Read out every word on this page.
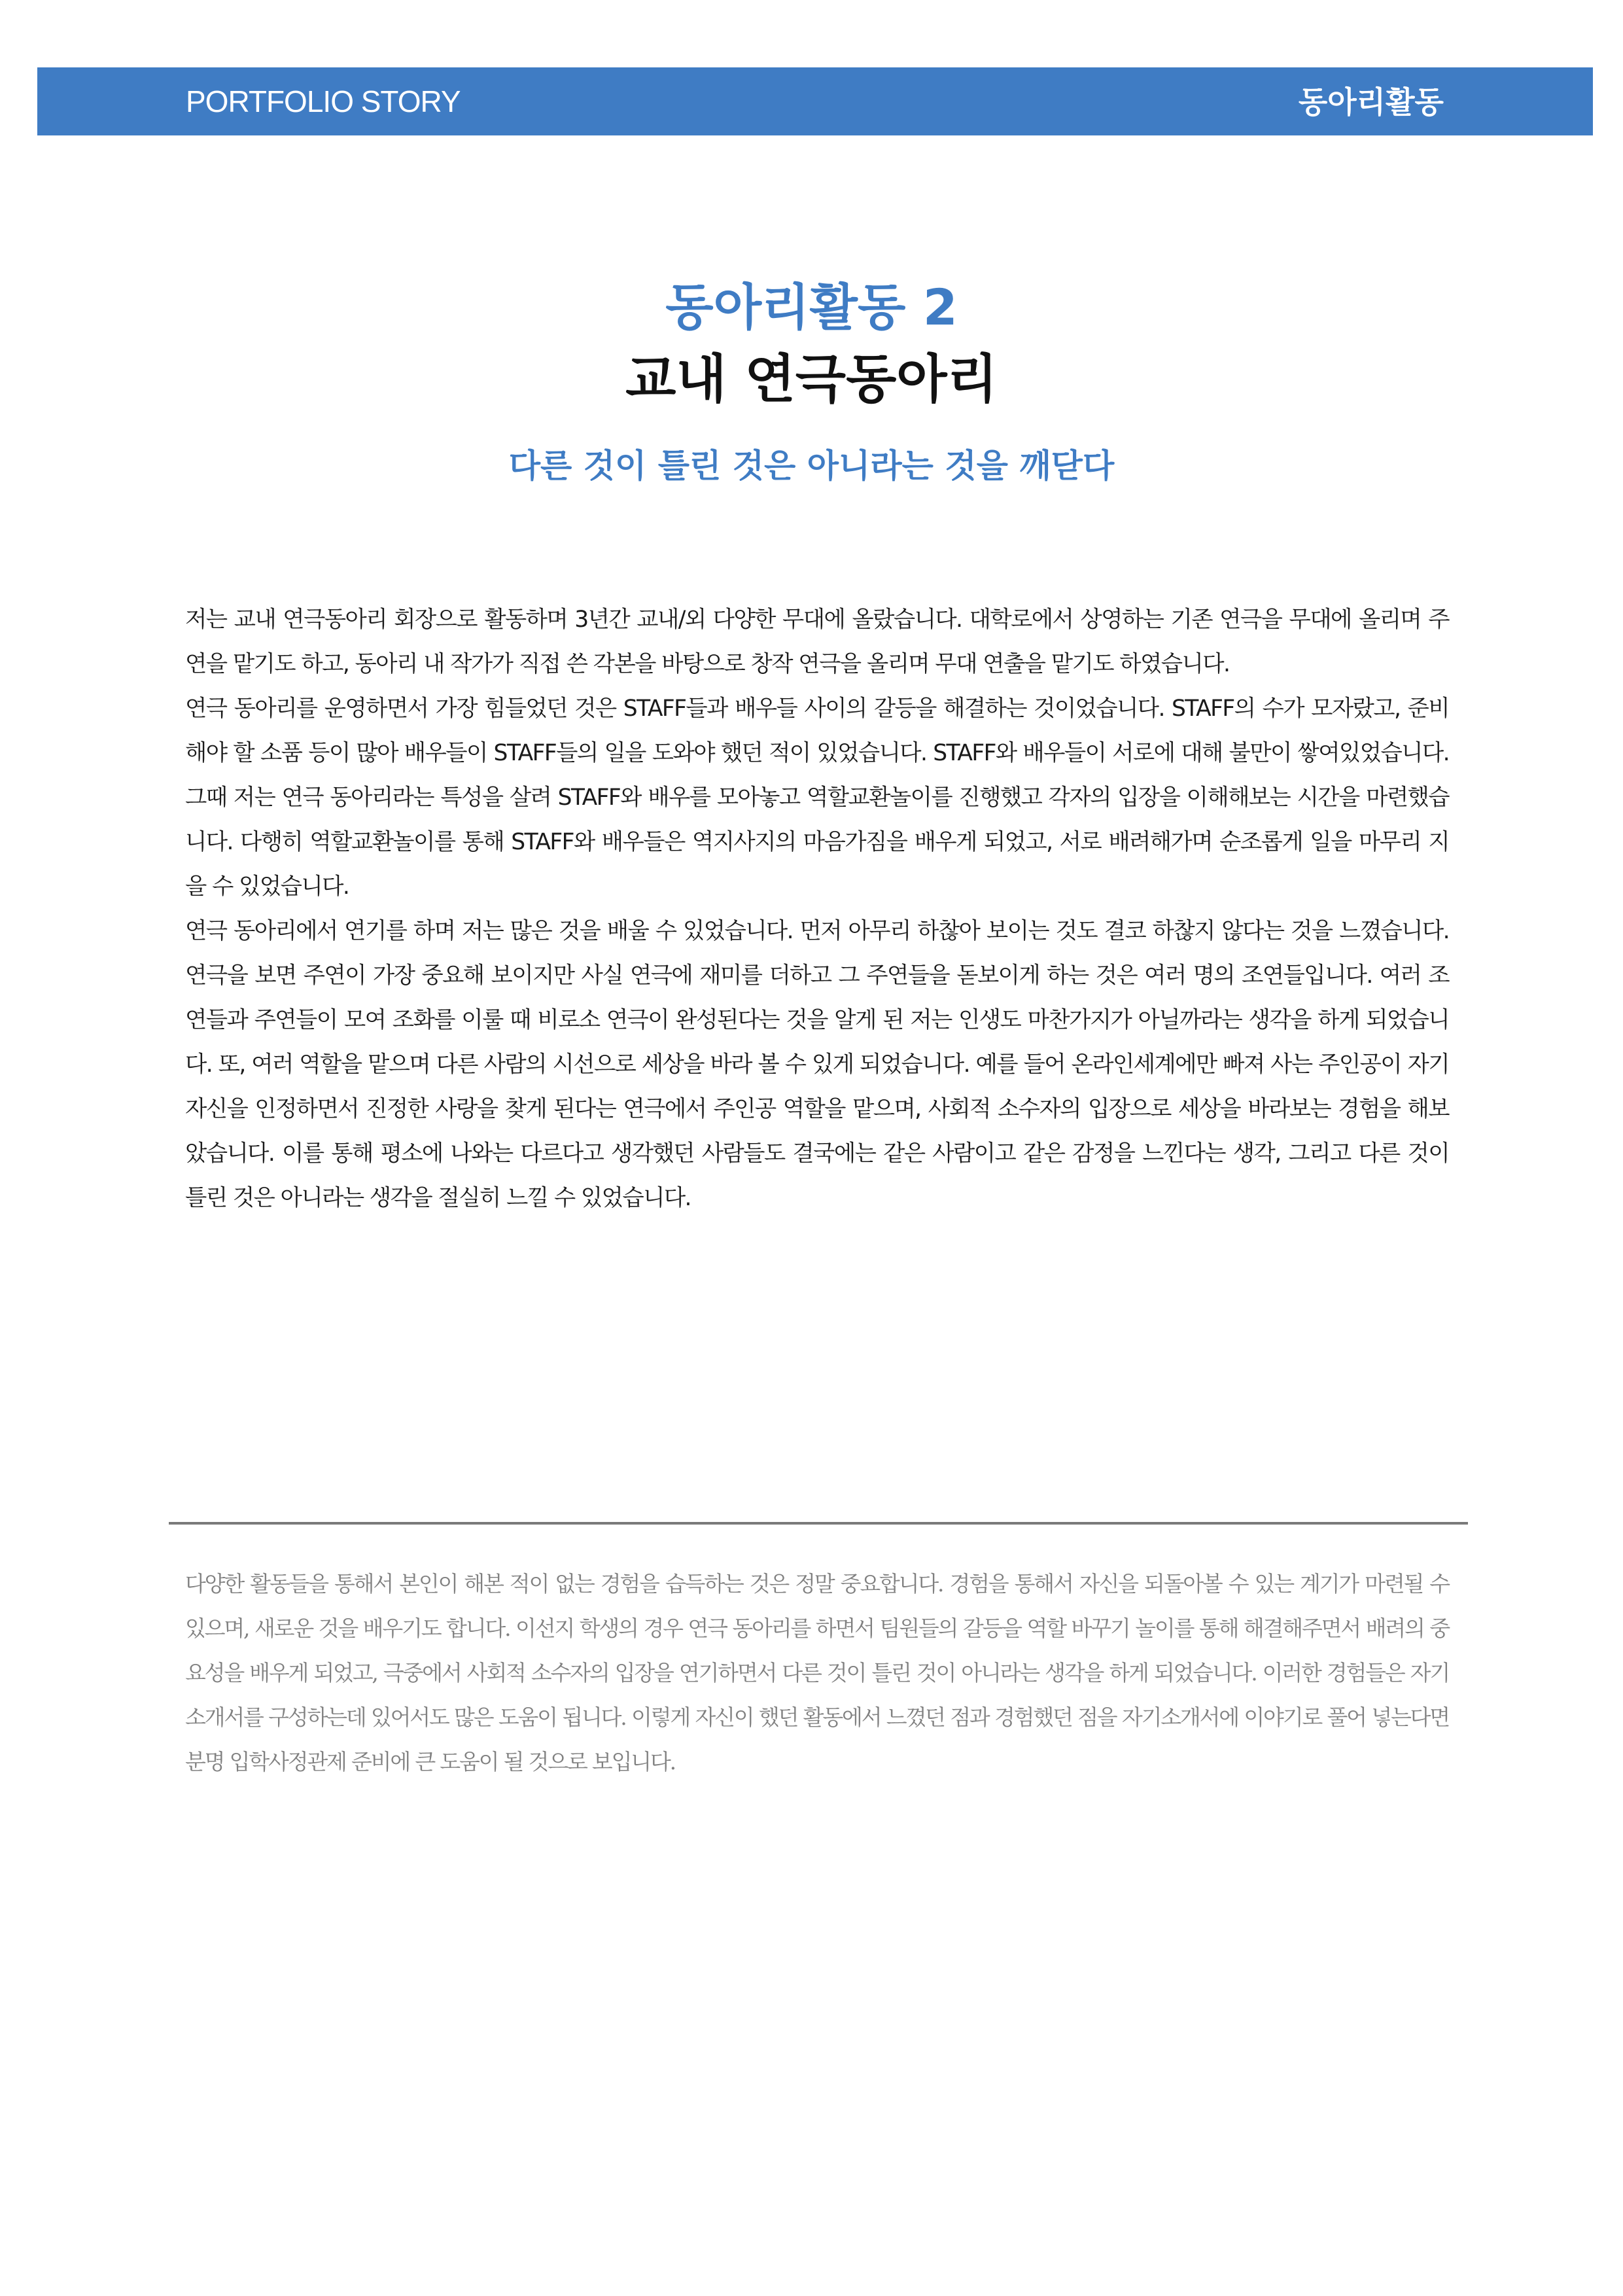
PORTFOLIO STORY	동아리활동
동아리활동 2
교내 연극동아리
다른 것이 틀린 것은 아니라는 것을 깨닫다

저는 교내 연극동아리 회장으로 활동하며 3년간 교내/외 다양한 무대에 올랐습니다. 대학로에서 상영하는 기존 연극을 무대에 올리며 주연을 맡기도 하고, 동아리 내 작가가 직접 쓴 각본을 바탕으로 창작 연극을 올리며 무대 연출을 맡기도 하였습니다.

연극 동아리를 운영하면서 가장 힘들었던 것은 STAFF들과 배우들 사이의 갈등을 해결하는 것이었습니다. STAFF의 수가 모자랐고, 준비해야 할 소품 등이 많아 배우들이 STAFF들의 일을 도와야 했던 적이 있었습니다. STAFF와 배우들이 서로에 대해 불만이 쌓여있었습니다. 그때 저는 연극 동아리라는 특성을 살려 STAFF와 배우를 모아놓고 역할교환놀이를 진행했고 각자의 입장을 이해해보는 시간을 마련했습니다. 다행히 역할교환놀이를 통해 STAFF와 배우들은 역지사지의 마음가짐을 배우게 되었고, 서로 배려해가며 순조롭게 일을 마무리 지을 수 있었습니다.

연극 동아리에서 연기를 하며 저는 많은 것을 배울 수 있었습니다. 먼저 아무리 하찮아 보이는 것도 결코 하찮지 않다는 것을 느꼈습니다. 연극을 보면 주연이 가장 중요해 보이지만 사실 연극에 재미를 더하고 그 주연들을 돋보이게 하는 것은 여러 명의 조연들입니다. 여러 조연들과 주연들이 모여 조화를 이룰 때 비로소 연극이 완성된다는 것을 알게 된 저는 인생도 마찬가지가 아닐까라는 생각을 하게 되었습니다. 또, 여러 역할을 맡으며 다른 사람의 시선으로 세상을 바라 볼 수 있게 되었습니다. 예를 들어 온라인세계에만 빠져 사는 주인공이 자기 자신을 인정하면서 진정한 사랑을 찾게 된다는 연극에서 주인공 역할을 맡으며, 사회적 소수자의 입장으로 세상을 바라보는 경험을 해보았습니다. 이를 통해 평소에 나와는 다르다고 생각했던 사람들도 결국에는 같은 사람이고 같은 감정을 느낀다는 생각, 그리고 다른 것이 틀린 것은 아니라는 생각을 절실히 느낄 수 있었습니다.

다양한 활동들을 통해서 본인이 해본 적이 없는 경험을 습득하는 것은 정말 중요합니다. 경험을 통해서 자신을 되돌아볼 수 있는 계기가 마련될 수 있으며, 새로운 것을 배우기도 합니다. 이선지 학생의 경우 연극 동아리를 하면서 팀원들의 갈등을 역할 바꾸기 놀이를 통해 해결해주면서 배려의 중요성을 배우게 되었고, 극중에서 사회적 소수자의 입장을 연기하면서 다른 것이 틀린 것이 아니라는 생각을 하게 되었습니다. 이러한 경험들은 자기소개서를 구성하는데 있어서도 많은 도움이 됩니다. 이렇게 자신이 했던 활동에서 느꼈던 점과 경험했던 점을 자기소개서에 이야기로 풀어 넣는다면 분명 입학사정관제 준비에 큰 도움이 될 것으로 보입니다.
